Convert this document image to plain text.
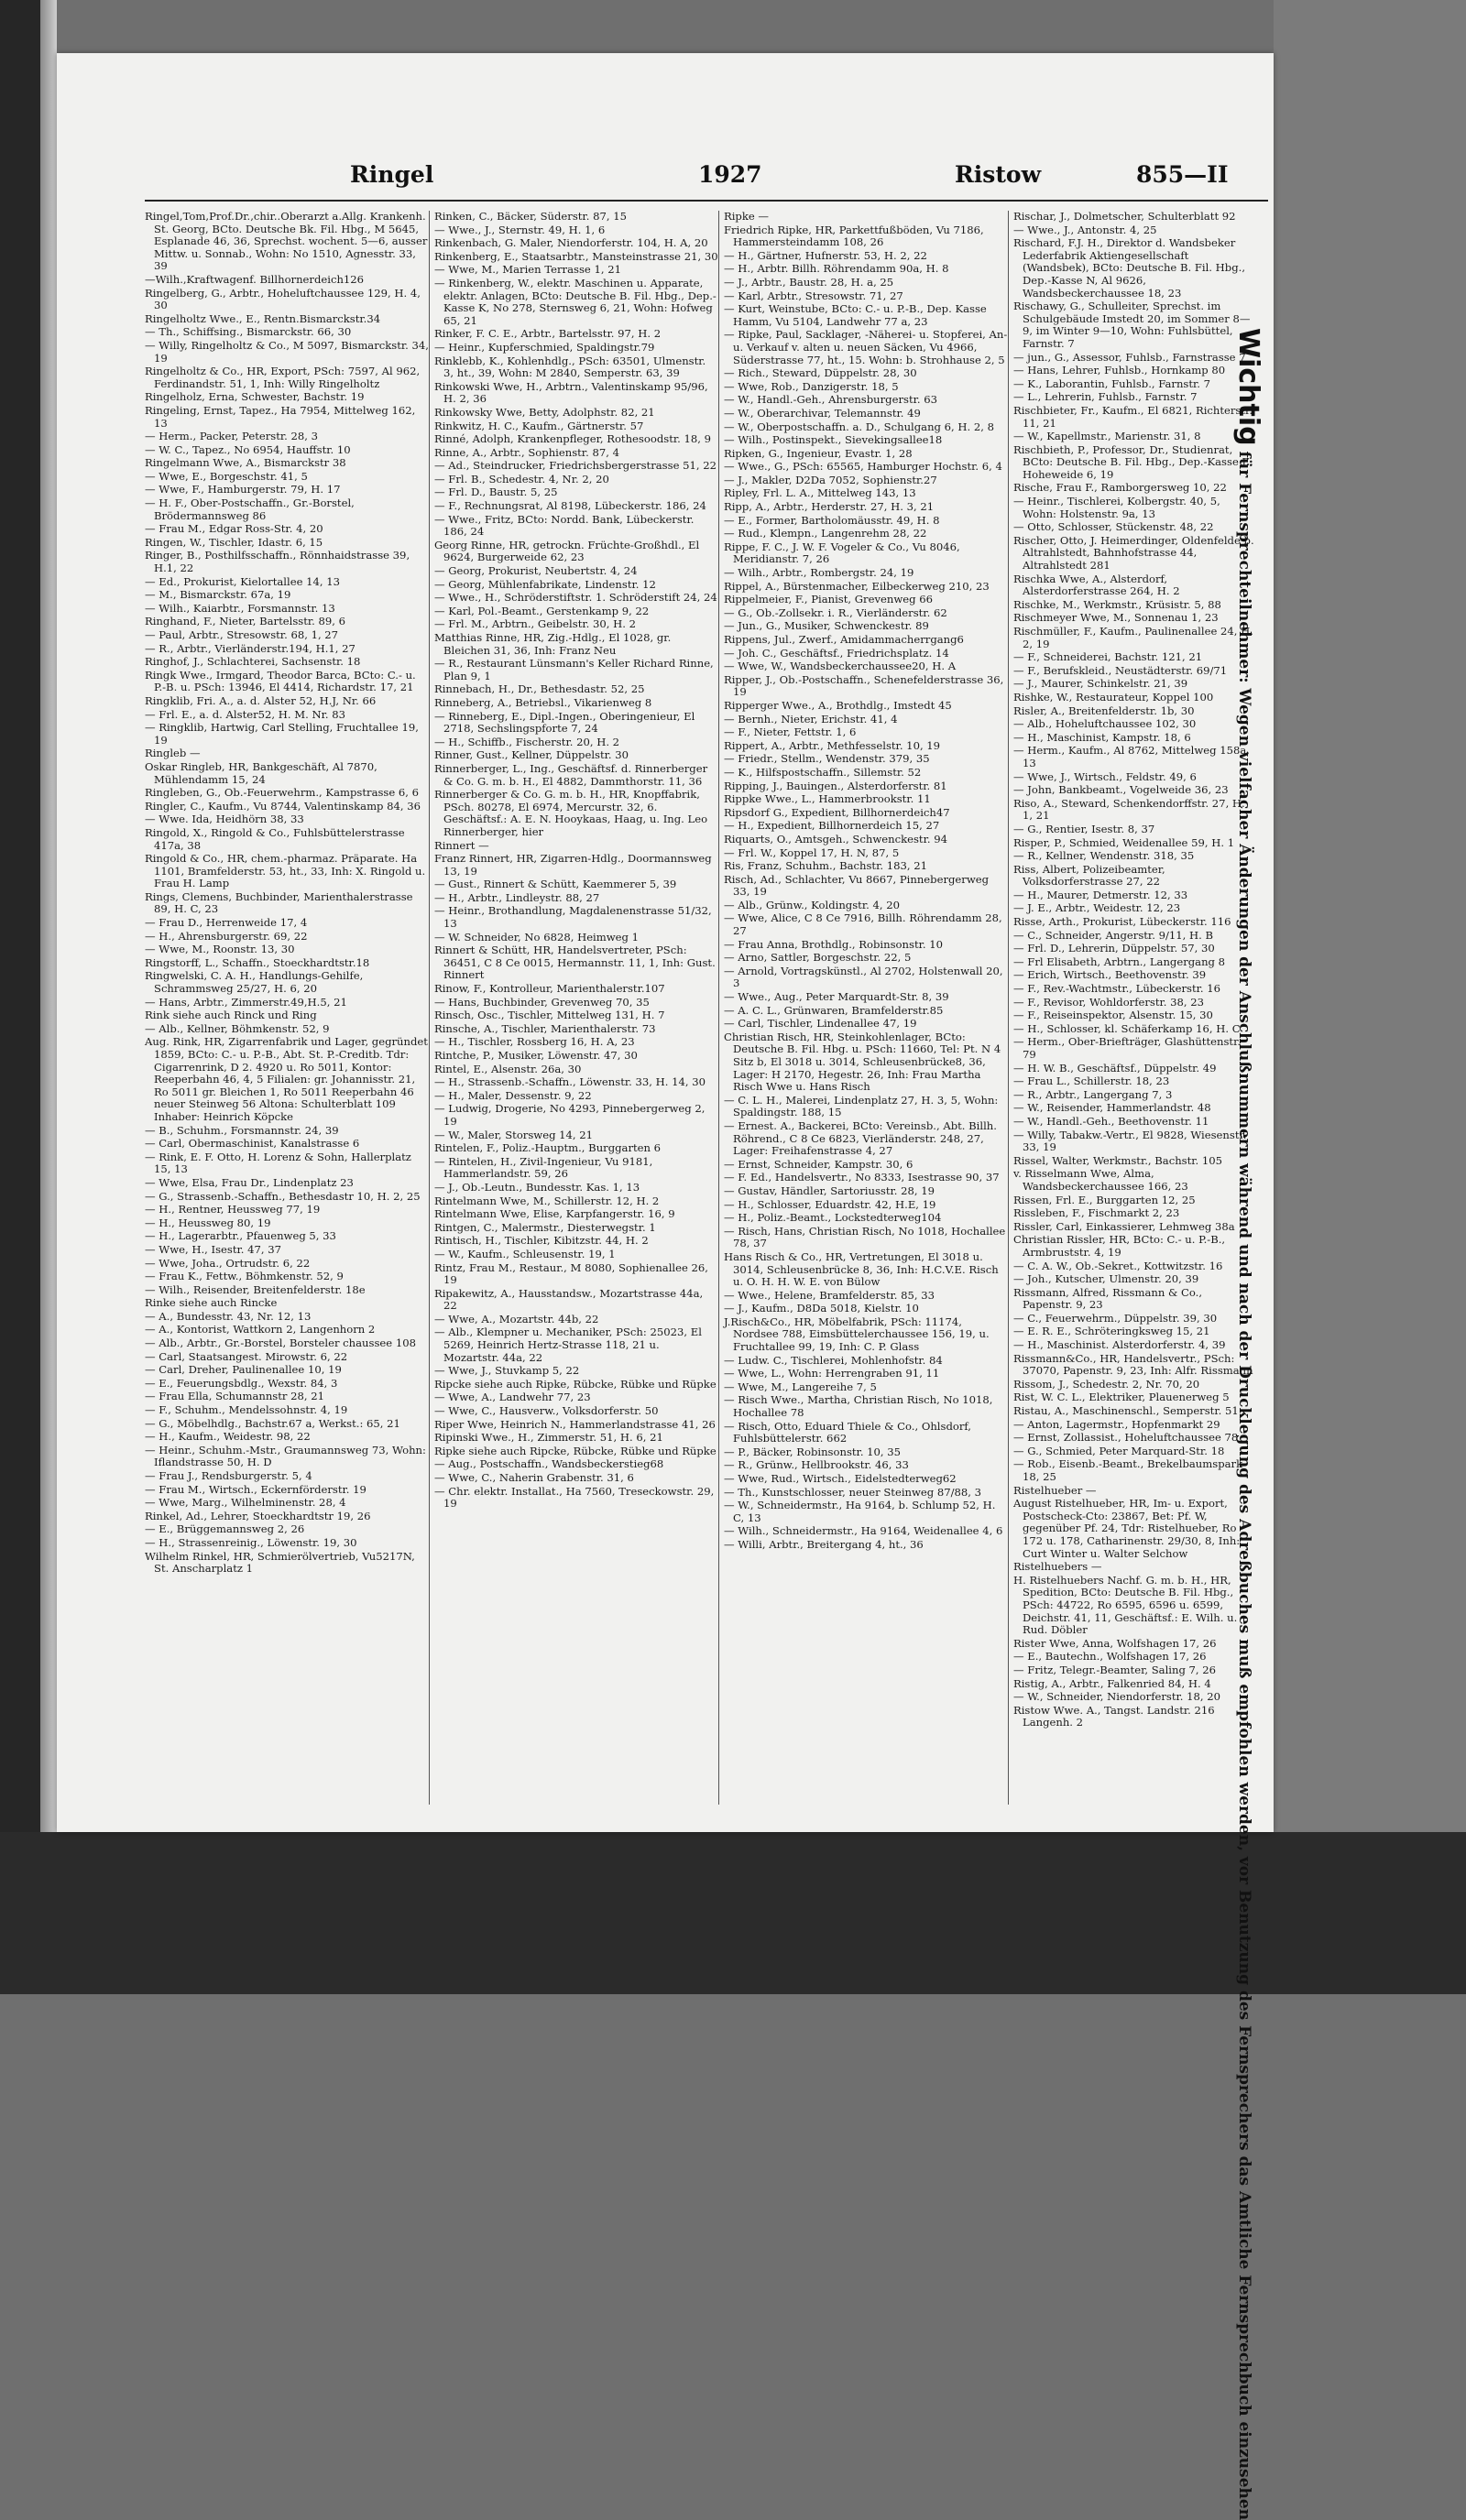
Ringel	1927	Ristow	855—II
Ringel,Tom,Prof.Dr.,chir..Oberarzt a.Allg. Krankenh. St. Georg, BCto. Deutsche Bk. Fil. Hbg., M 5645, Esplanade 46, 36, Sprechst. wochent. 5—6, ausser Mittw. u. Sonnab., Wohn: No 1510, Agnesstr. 33, 39
—Wilh.,Kraftwagenf. Billhornerdeich126
Ringelberg, G., Arbtr., Hoheluftchaussee 129, H. 4, 30
Ringelholtz Wwe., E., Rentn.Bismarckstr.34
— Th., Schiffsing., Bismarckstr. 66, 30
— Willy, Ringelholtz & Co., M 5097, Bismarckstr. 34, 19
Ringelholtz & Co., HR, Export, PSch: 7597, Al 962, Ferdinandstr. 51, 1, Inh: Willy Ringelholtz
Ringelholz, Erna, Schwester, Bachstr. 19
Ringeling, Ernst, Tapez., Ha 7954, Mittelweg 162, 13
— Herm., Packer, Peterstr. 28, 3
— W. C., Tapez., No 6954, Hauffstr. 10
Ringelmann Wwe, A., Bismarckstr 38
— Wwe, E., Borgeschstr. 41, 5
— Wwe, F., Hamburgerstr. 79, H. 17
— H. F., Ober-Postschaffn., Gr.-Borstel, Brödermannsweg 86
— Frau M., Edgar Ross-Str. 4, 20
Ringen, W., Tischler, Idastr. 6, 15
Ringer, B., Posthilfsschaffn., Rönnhaidstrasse 39, H.1, 22
— Ed., Prokurist, Kielortallee 14, 13
— M., Bismarckstr. 67a, 19
— Wilh., Kaiarbtr., Forsmannstr. 13
Ringhand, F., Nieter, Bartelsstr. 89, 6
— Paul, Arbtr., Stresowstr. 68, 1, 27
— R., Arbtr., Vierländerstr.194, H.1, 27
Ringhof, J., Schlachterei, Sachsenstr. 18
Ringk Wwe., Irmgard, Theodor Barca, BCto: C.- u. P.-B. u. PSch: 13946, El 4414, Richardstr. 17, 21
Ringklib, Fri. A., a. d. Alster 52, H.J, Nr. 66
— Frl. E., a. d. Alster52, H. M. Nr. 83
— Ringklib, Hartwig, Carl Stelling, Fruchtallee 19, 19
Ringleb —
Oskar Ringleb, HR, Bankgeschäft, Al 7870, Mühlendamm 15, 24
Ringleben, G., Ob.-Feuerwehrm., Kampstrasse 6, 6
Ringler, C., Kaufm., Vu 8744, Valentinskamp 84, 36
— Wwe. Ida, Heidhörn 38, 33
Ringold, X., Ringold & Co., Fuhlsbüttelerstrasse 417a, 38
Ringold & Co., HR, chem.-pharmaz. Präparate. Ha 1101, Bramfelderstr. 53, ht., 33, Inh: X. Ringold u. Frau H. Lamp
Rings, Clemens, Buchbinder, Marienthalerstrasse 89, H. C, 23
— Frau D., Herrenweide 17, 4
— H., Ahrensburgerstr. 69, 22
— Wwe, M., Roonstr. 13, 30
Ringstorff, L., Schaffn., Stoeckhardtstr.18
Ringwelski, C. A. H., Handlungs-Gehilfe, Schrammsweg 25/27, H. 6, 20
— Hans, Arbtr., Zimmerstr.49,H.5, 21
Rink siehe auch Rinck und Ring
— Alb., Kellner, Böhmkenstr. 52, 9
Aug. Rink, HR, Zigarrenfabrik und Lager, gegründet 1859, BCto: C.- u. P.-B., Abt. St. P.-Creditb. Tdr: Cigarrenrink, D 2. 4920 u. Ro 5011, Kontor: Reeperbahn 46, 4, 5 Filialen: gr. Johannisstr. 21, Ro 5011 gr. Bleichen 1, Ro 5011 Reeperbahn 46 neuer Steinweg 56 Altona: Schulterblatt 109 Inhaber: Heinrich Köpcke
— B., Schuhm., Forsmannstr. 24, 39
— Carl, Obermaschinist, Kanalstrasse 6
— Rink, E. F. Otto, H. Lorenz & Sohn, Hallerplatz 15, 13
— Wwe, Elsa, Frau Dr., Lindenplatz 23
— G., Strassenb.-Schaffn., Bethesdastr 10, H. 2, 25
— H., Rentner, Heussweg 77, 19
— H., Heussweg 80, 19
— H., Lagerarbtr., Pfauenweg 5, 33
— Wwe, H., Isestr. 47, 37
— Wwe, Joha., Ortrudstr. 6, 22
— Frau K., Fettw., Böhmkenstr. 52, 9
— Wilh., Reisender, Breitenfelderstr. 18e
Rinke siehe auch Rincke
— A., Bundesstr. 43, Nr. 12, 13
— A., Kontorist, Wattkorn 2, Langenhorn 2
— Alb., Arbtr., Gr.-Borstel, Borsteler chaussee 108
— Carl, Staatsangest. Mirowstr. 6, 22
— Carl, Dreher, Paulinenallee 10, 19
— E., Feuerungsbdlg., Wexstr. 84, 3
— Frau Ella, Schumannstr 28, 21
— F., Schuhm., Mendelssohnstr. 4, 19
— G., Möbelhdlg., Bachstr.67 a, Werkst.: 65, 21
— H., Kaufm., Weidestr. 98, 22
— Heinr., Schuhm.-Mstr., Graumannsweg 73, Wohn: Iflandstrasse 50, H. D
— Frau J., Rendsburgerstr. 5, 4
— Frau M., Wirtsch., Eckernförderstr. 19
— Wwe, Marg., Wilhelminenstr. 28, 4
Rinkel, Ad., Lehrer, Stoeckhardtstr 19, 26
— E., Brüggemannsweg 2, 26
— H., Strassenreinig., Löwenstr. 19, 30
Wilhelm Rinkel, HR, Schmierölvertrieb, Vu5217N, St. Anscharplatz 1
Rinken, C., Bäcker, Süderstr. 87, 15
— Wwe., J., Sternstr. 49, H. 1, 6
Rinkenbach, G. Maler, Niendorferstr. 104, H. A, 20
Rinkenberg, E., Staatsarbtr., Mansteinstrasse 21, 30
— Wwe, M., Marien Terrasse 1, 21
— Rinkenberg, W., elektr. Maschinen u. Apparate, elektr. Anlagen, BCto: Deutsche B. Fil. Hbg., Dep.-Kasse K, No 278, Sternsweg 6, 21, Wohn: Hofweg 65, 21
Rinker, F. C. E., Arbtr., Bartelsstr. 97, H. 2
— Heinr., Kupferschmied, Spaldingstr.79
Rinklebb, K., Kohlenhdlg., PSch: 63501, Ulmenstr. 3, ht., 39, Wohn: M 2840, Semperstr. 63, 39
Rinkowski Wwe, H., Arbtrn., Valentinskamp 95/96, H. 2, 36
Rinkowsky Wwe, Betty, Adolphstr. 82, 21
Rinkwitz, H. C., Kaufm., Gärtnerstr. 57
Rinné, Adolph, Krankenpfleger, Rothesoodstr. 18, 9
Rinne, A., Arbtr., Sophienstr. 87, 4
— Ad., Steindrucker, Friedrichsbergerstrasse 51, 22
— Frl. B., Schedestr. 4, Nr. 2, 20
— Frl. D., Baustr. 5, 25
— F., Rechnungsrat, Al 8198, Lübeckerstr. 186, 24
— Wwe., Fritz, BCto: Nordd. Bank, Lübeckerstr. 186, 24
Georg Rinne, HR, getrockn. Früchte-Großhdl., El 9624, Burgerweide 62, 23
— Georg, Prokurist, Neubertstr. 4, 24
— Georg, Mühlenfabrikate, Lindenstr. 12
— Wwe., H., Schröderstiftstr. 1. Schröderstift 24, 24
— Karl, Pol.-Beamt., Gerstenkamp 9, 22
— Frl. M., Arbtrn., Geibelstr. 30, H. 2
Matthias Rinne, HR, Zig.-Hdlg., El 1028, gr. Bleichen 31, 36, Inh: Franz Neu
— R., Restaurant Lünsmann's Keller Richard Rinne, Plan 9, 1
Rinnebach, H., Dr., Bethesdastr. 52, 25
Rinneberg, A., Betriebsl., Vikarienweg 8
— Rinneberg, E., Dipl.-Ingen., Oberingenieur, El 2718, Sechslingspforte 7, 24
— H., Schiffb., Fischerstr. 20, H. 2
Rinner, Gust., Kellner, Düppelstr. 30
Rinnerberger, L., Ing., Geschäftsf. d. Rinnerberger & Co. G. m. b. H., El 4882, Dammthorstr. 11, 36
Rinnerberger & Co. G. m. b. H., HR, Knopffabrik, PSch. 80278, El 6974, Mercurstr. 32, 6. Geschäftsf.: A. E. N. Hooykaas, Haag, u. Ing. Leo Rinnerberger, hier
Rinnert —
Franz Rinnert, HR, Zigarren-Hdlg., Doormannsweg 13, 19
— Gust., Rinnert & Schütt, Kaemmerer 5, 39
— H., Arbtr., Lindleystr. 88, 27
— Heinr., Brothandlung, Magdalenenstrasse 51/32, 13
— W. Schneider, No 6828, Heimweg 1
Rinnert & Schütt, HR, Handelsvertreter, PSch: 36451, C 8 Ce 0015, Hermannstr. 11, 1, Inh: Gust. Rinnert
Rinow, F., Kontrolleur, Marienthalerstr.107
— Hans, Buchbinder, Grevenweg 70, 35
Rinsch, Osc., Tischler, Mittelweg 131, H. 7
Rinsche, A., Tischler, Marienthalerstr. 73
— H., Tischler, Rossberg 16, H. A, 23
Rintche, P., Musiker, Löwenstr. 47, 30
Rintel, E., Alsenstr. 26a, 30
— H., Strassenb.-Schaffn., Löwenstr. 33, H. 14, 30
— H., Maler, Dessenstr. 9, 22
— Ludwig, Drogerie, No 4293, Pinnebergerweg 2, 19
— W., Maler, Storsweg 14, 21
Rintelen, F., Poliz.-Hauptm., Burggarten 6
— Rintelen, H., Zivil-Ingenieur, Vu 9181, Hammerlandstr. 59, 26
— J., Ob.-Leutn., Bundesstr. Kas. 1, 13
Rintelmann Wwe, M., Schillerstr. 12, H. 2
Rintelmann Wwe, Elise, Karpfangerstr. 16, 9
Rintgen, C., Malermstr., Diesterwegstr. 1
Rintisch, H., Tischler, Kibitzstr. 44, H. 2
— W., Kaufm., Schleusenstr. 19, 1
Rintz, Frau M., Restaur., M 8080, Sophienallee 26, 19
Ripakewitz, A., Hausstandsw., Mozartstrasse 44a, 22
— Wwe, A., Mozartstr. 44b, 22
— Alb., Klempner u. Mechaniker, PSch: 25023, El 5269, Heinrich Hertz-Strasse 118, 21 u. Mozartstr. 44a, 22
— Wwe, J., Stuvkamp 5, 22
Ripcke siehe auch Ripke, Rübcke, Rübke und Rüpke
— Wwe, A., Landwehr 77, 23
— Wwe, C., Hausverw., Volksdorferstr. 50
Riper Wwe, Heinrich N., Hammerlandstrasse 41, 26
Ripinski Wwe., H., Zimmerstr. 51, H. 6, 21
Ripke siehe auch Ripcke, Rübcke, Rübke und Rüpke
— Aug., Postschaffn., Wandsbeckerstieg68
— Wwe, C., Naherin Grabenstr. 31, 6
— Chr. elektr. Installat., Ha 7560, Treseckowstr. 29, 19
Ripke —
Friedrich Ripke, HR, Parkettfußböden, Vu 7186, Hammersteindamm 108, 26
— H., Gärtner, Hufnerstr. 53, H. 2, 22
— H., Arbtr. Billh. Röhrendamm 90a, H. 8
— J., Arbtr., Baustr. 28, H. a, 25
— Karl, Arbtr., Stresowstr. 71, 27
— Kurt, Weinstube, BCto: C.- u. P.-B., Dep. Kasse Hamm, Vu 5104, Landwehr 77 a, 23
— Ripke, Paul, Sacklager, -Näherei- u. Stopferei, An- u. Verkauf v. alten u. neuen Säcken, Vu 4966, Süderstrasse 77, ht., 15. Wohn: b. Strohhause 2, 5
— Rich., Steward, Düppelstr. 28, 30
— Wwe, Rob., Danzigerstr. 18, 5
— W., Handl.-Geh., Ahrensburgerstr. 63
— W., Oberarchivar, Telemannstr. 49
— W., Oberpostschaffn. a. D., Schulgang 6, H. 2, 8
— Wilh., Postinspekt., Sievekingsallee18
Ripken, G., Ingenieur, Evastr. 1, 28
— Wwe., G., PSch: 65565, Hamburger Hochstr. 6, 4
— J., Makler, D2Da 7052, Sophienstr.27
Ripley, Frl. L. A., Mittelweg 143, 13
Ripp, A., Arbtr., Herderstr. 27, H. 3, 21
— E., Former, Bartholomäusstr. 49, H. 8
— Rud., Klempn., Langenrehm 28, 22
Rippe, F. C., J. W. F. Vogeler & Co., Vu 8046, Meridianstr. 7, 26
— Wilh., Arbtr., Rombergstr. 24, 19
Rippel, A., Bürstenmacher, Eilbeckerweg 210, 23
Rippelmeier, F., Pianist, Grevenweg 66
— G., Ob.-Zollsekr. i. R., Vierländerstr. 62
— Jun., G., Musiker, Schwenckestr. 89
Rippens, Jul., Zwerf., Amidammacherrgang6
— Joh. C., Geschäftsf., Friedrichsplatz. 14
— Wwe, W., Wandsbeckerchaussee20, H. A
Ripper, J., Ob.-Postschaffn., Schenefelderstrasse 36, 19
Ripperger Wwe., A., Brothdlg., Imstedt 45
— Bernh., Nieter, Erichstr. 41, 4
— F., Nieter, Fettstr. 1, 6
Rippert, A., Arbtr., Methfesselstr. 10, 19
— Friedr., Stellm., Wendenstr. 379, 35
— K., Hilfspostschaffn., Sillemstr. 52
Ripping, J., Bauingen., Alsterdorferstr. 81
Rippke Wwe., L., Hammerbrookstr. 11
Ripsdorf G., Expedient, Billhornerdeich47
— H., Expedient, Billhornerdeich 15, 27
Riquarts, O., Amtsgeh., Schwenckestr. 94
— Frl. W., Koppel 17, H. N, 87, 5
Ris, Franz, Schuhm., Bachstr. 183, 21
Risch, Ad., Schlachter, Vu 8667, Pinnebergerweg 33, 19
— Alb., Grünw., Koldingstr. 4, 20
— Wwe, Alice, C 8 Ce 7916, Billh. Röhrendamm 28, 27
— Frau Anna, Brothdlg., Robinsonstr. 10
— Arno, Sattler, Borgeschstr. 22, 5
— Arnold, Vortragskünstl., Al 2702, Holstenwall 20, 3
— Wwe., Aug., Peter Marquardt-Str. 8, 39
— A. C. L., Grünwaren, Bramfelderstr.85
— Carl, Tischler, Lindenallee 47, 19
Christian Risch, HR, Steinkohlenlager, BCto: Deutsche B. Fil. Hbg. u. PSch: 11660, Tel: Pt. N 4 Sitz b, El 3018 u. 3014, Schleusenbrücke8, 36, Lager: H 2170, Hegestr. 26, Inh: Frau Martha Risch Wwe u. Hans Risch
— C. L. H., Malerei, Lindenplatz 27, H. 3, 5, Wohn: Spaldingstr. 188, 15
— Ernest. A., Backerei, BCto: Vereinsb., Abt. Billh. Röhrend., C 8 Ce 6823, Vierländerstr. 248, 27, Lager: Freihafenstrasse 4, 27
— Ernst, Schneider, Kampstr. 30, 6
— F. Ed., Handelsvertr., No 8333, Isestrasse 90, 37
— Gustav, Händler, Sartoriusstr. 28, 19
— H., Schlosser, Eduardstr. 42, H.E, 19
— H., Poliz.-Beamt., Lockstedterweg104
— Risch, Hans, Christian Risch, No 1018, Hochallee 78, 37
Hans Risch & Co., HR, Vertretungen, El 3018 u. 3014, Schleusenbrücke 8, 36, Inh: H.C.V.E. Risch u. O. H. H. W. E. von Bülow
— Wwe., Helene, Bramfelderstr. 85, 33
— J., Kaufm., D8Da 5018, Kielstr. 10
J.Risch&Co., HR, Möbelfabrik, PSch: 11174, Nordsee 788, Eimsbüttelerchaussee 156, 19, u. Fruchtallee 99, 19, Inh: C. P. Glass
— Ludw. C., Tischlerei, Mohlenhofstr. 84
— Wwe, L., Wohn: Herrengraben 91, 11
— Wwe, M., Langereihe 7, 5
— Risch Wwe., Martha, Christian Risch, No 1018, Hochallee 78
— Risch, Otto, Eduard Thiele & Co., Ohlsdorf, Fuhlsbüttelerstr. 662
— P., Bäcker, Robinsonstr. 10, 35
— R., Grünw., Hellbrookstr. 46, 33
— Wwe, Rud., Wirtsch., Eidelstedterweg62
— Th., Kunstschlosser, neuer Steinweg 87/88, 3
— W., Schneidermstr., Ha 9164, b. Schlump 52, H. C, 13
— Wilh., Schneidermstr., Ha 9164, Weidenallee 4, 6
— Willi, Arbtr., Breitergang 4, ht., 36
Rischar, J., Dolmetscher, Schulterblatt 92
— Wwe., J., Antonstr. 4, 25
Rischard, F.J. H., Direktor d. Wandsbeker Lederfabrik Aktiengesellschaft (Wandsbek), BCto: Deutsche B. Fil. Hbg., Dep.-Kasse N, Al 9626, Wandsbeckerchaussee 18, 23
Rischawy, G., Schulleiter, Sprechst. im Schulgebäude Imstedt 20, im Sommer 8—9, im Winter 9—10, Wohn: Fuhlsbüttel, Farnstr. 7
— jun., G., Assessor, Fuhlsb., Farnstrasse 7
— Hans, Lehrer, Fuhlsb., Hornkamp 80
— K., Laborantin, Fuhlsb., Farnstr. 7
— L., Lehrerin, Fuhlsb., Farnstr. 7
Rischbieter, Fr., Kaufm., El 6821, Richterstr. 11, 21
— W., Kapellmstr., Marienstr. 31, 8
Rischbieth, P., Professor, Dr., Studienrat, BCto: Deutsche B. Fil. Hbg., Dep.-Kasse E, Hoheweide 6, 19
Rische, Frau F., Ramborgersweg 10, 22
— Heinr., Tischlerei, Kolbergstr. 40, 5, Wohn: Holstenstr. 9a, 13
— Otto, Schlosser, Stückenstr. 48, 22
Rischer, Otto, J. Heimerdinger, Oldenfelde b. Altrahlstedt, Bahnhofstrasse 44, Altrahlstedt 281
Rischka Wwe, A., Alsterdorf, Alsterdorferstrasse 264, H. 2
Rischke, M., Werkmstr., Krüsistr. 5, 88
Rischmeyer Wwe, M., Sonnenau 1, 23
Rischmüller, F., Kaufm., Paulinenallee 24, H. 2, 19
— F., Schneiderei, Bachstr. 121, 21
— F., Berufskleid., Neustädterstr. 69/71
— J., Maurer, Schinkelstr. 21, 39
Rishke, W., Restaurateur, Koppel 100
Risler, A., Breitenfelderstr. 1b, 30
— Alb., Hoheluftchaussee 102, 30
— H., Maschinist, Kampstr. 18, 6
— Herm., Kaufm., Al 8762, Mittelweg 158a, 13
— Wwe, J., Wirtsch., Feldstr. 49, 6
— John, Bankbeamt., Vogelweide 36, 23
Riso, A., Steward, Schenkendorffstr. 27, H. 1, 21
— G., Rentier, Isestr. 8, 37
Risper, P., Schmied, Weidenallee 59, H. 1
— R., Kellner, Wendenstr. 318, 35
Riss, Albert, Polizeibeamter, Volksdorferstrasse 27, 22
— H., Maurer, Detmerstr. 12, 33
— J. E., Arbtr., Weidestr. 12, 23
Risse, Arth., Prokurist, Lübeckerstr. 116
— C., Schneider, Angerstr. 9/11, H. B
— Frl. D., Lehrerin, Düppelstr. 57, 30
— Frl Elisabeth, Arbtrn., Langergang 8
— Erich, Wirtsch., Beethovenstr. 39
— F., Rev.-Wachtmstr., Lübeckerstr. 16
— F., Revisor, Wohldorferstr. 38, 23
— F., Reiseinspektor, Alsenstr. 15, 30
— H., Schlosser, kl. Schäferkamp 16, H. C
— Herm., Ober-Briefträger, Glashüttenstr. 79
— H. W. B., Geschäftsf., Düppelstr. 49
— Frau L., Schillerstr. 18, 23
— R., Arbtr., Langergang 7, 3
— W., Reisender, Hammerlandstr. 48
— W., Handl.-Geh., Beethovenstr. 11
— Willy, Tabakw.-Vertr., El 9828, Wiesenstr. 33, 19
Rissel, Walter, Werkmstr., Bachstr. 105
v. Risselmann Wwe, Alma, Wandsbeckerchaussee 166, 23
Rissen, Frl. E., Burggarten 12, 25
Rissleben, F., Fischmarkt 2, 23
Rissler, Carl, Einkassierer, Lehmweg 38a
Christian Rissler, HR, BCto: C.- u. P.-B., Armbruststr. 4, 19
— C. A. W., Ob.-Sekret., Kottwitzstr. 16
— Joh., Kutscher, Ulmenstr. 20, 39
Rissmann, Alfred, Rissmann & Co., Papenstr. 9, 23
— C., Feuerwehrm., Düppelstr. 39, 30
— E. R. E., Schröteringksweg 15, 21
— H., Maschinist. Alsterdorferstr. 4, 39
Rissmann&Co., HR, Handelsvertr., PSch: 37070, Papenstr. 9, 23, Inh: Alfr. Rissmann
Rissom, J., Schedestr. 2, Nr. 70, 20
Rist, W. C. L., Elektriker, Plauenerweg 5
Ristau, A., Maschinenschl., Semperstr. 51
— Anton, Lagermstr., Hopfenmarkt 29
— Ernst, Zollassist., Hoheluftchaussee 78
— G., Schmied, Peter Marquard-Str. 18
— Rob., Eisenb.-Beamt., Brekelbaumspark 18, 25
Ristelhueber —
August Ristelhueber, HR, Im- u. Export, Postscheck-Cto: 23867, Bet: Pf. W, gegenüber Pf. 24, Tdr: Ristelhueber, Ro 172 u. 178, Catharinenstr. 29/30, 8, Inh: Curt Winter u. Walter Selchow
Ristelhuebers —
H. Ristelhuebers Nachf. G. m. b. H., HR, Spedition, BCto: Deutsche B. Fil. Hbg., PSch: 44722, Ro 6595, 6596 u. 6599, Deichstr. 41, 11, Geschäftsf.: E. Wilh. u. Rud. Döbler
Rister Wwe, Anna, Wolfshagen 17, 26
— E., Bautechn., Wolfshagen 17, 26
— Fritz, Telegr.-Beamter, Saling 7, 26
Ristig, A., Arbtr., Falkenried 84, H. 4
— W., Schneider, Niendorferstr. 18, 20
Ristow Wwe. A., Tangst. Landstr. 216 Langenh. 2
Wichtig für Fernsprechteilnehmer: Wegen vielfacher Änderungen der Anschlußnummern während und nach der Drucklegung des Adreßbuches muß empfohlen werden, vor Benutzung des Fernsprechers das Amtliche Fernsprechbuch einzusehen
